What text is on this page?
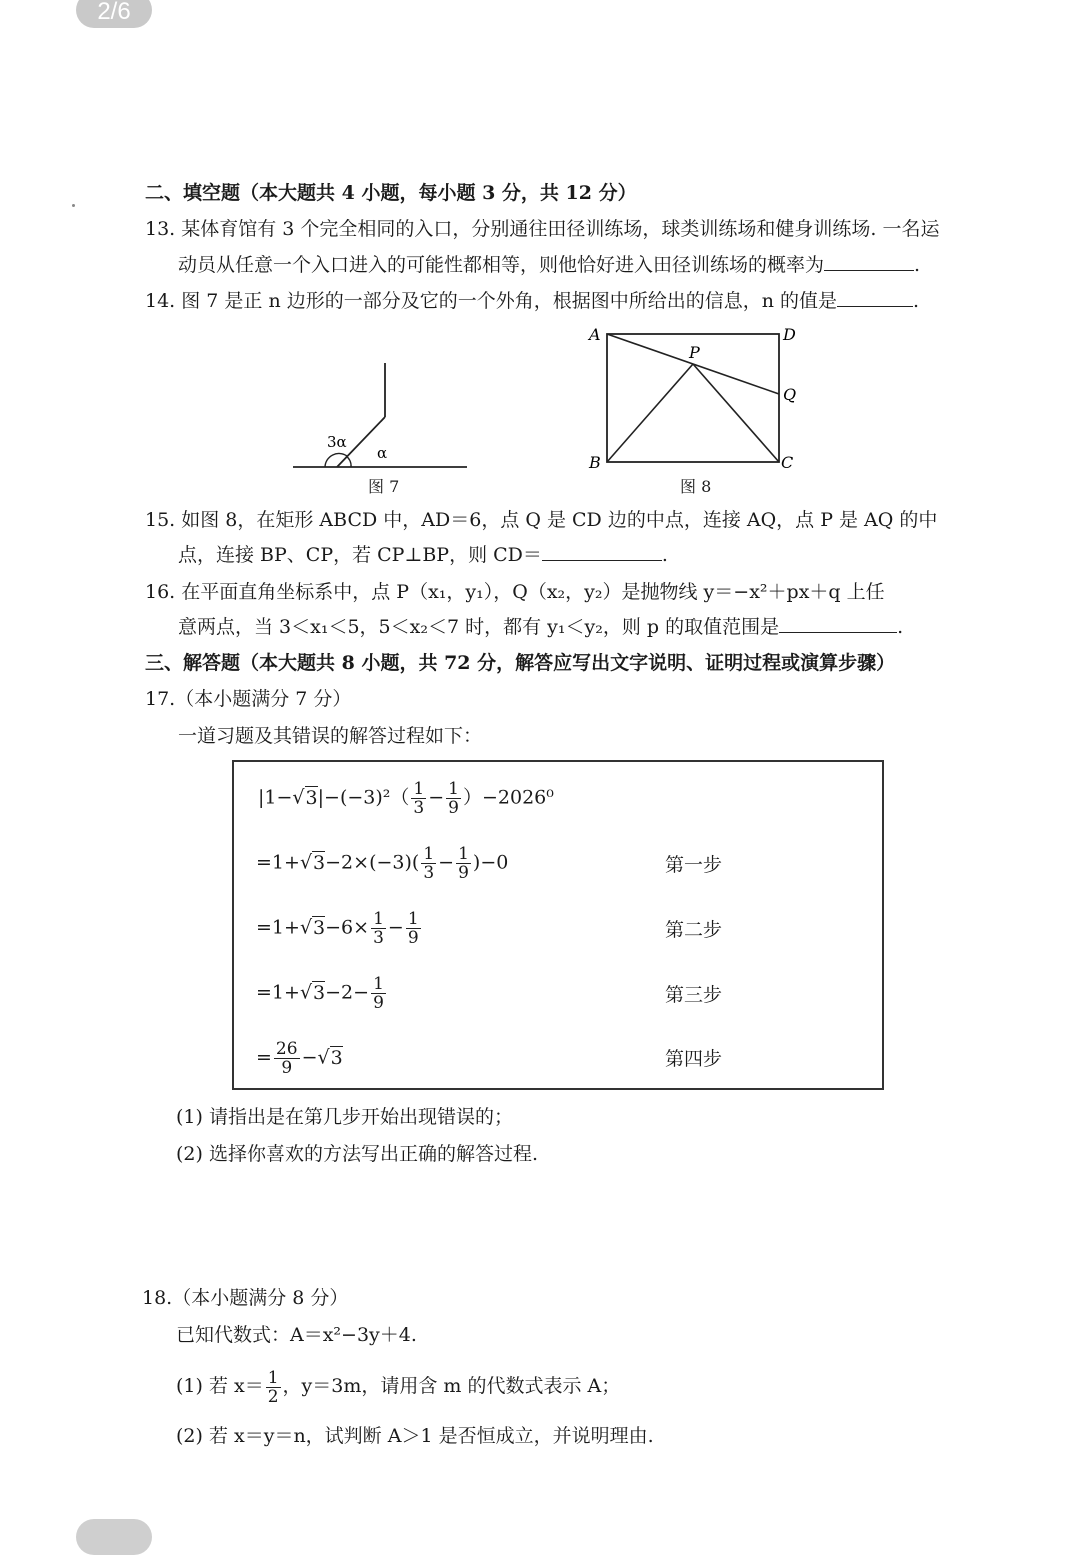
2/6
二、填空题（本大题共 4 小题，每小题 3 分，共 12 分）
13. 某体育馆有 3 个完全相同的入口，分别通往田径训练场，球类训练场和健身训练场. 一名运
动员从任意一个入口进入的可能性都相等，则他恰好进入田径训练场的概率为	.
14. 图 7 是正 n 边形的一部分及它的一个外角，根据图中所给出的信息，n 的值是	.
3α
α
图 7
A	D
P
Q
B	C
图 8
15. 如图 8，在矩形 ABCD 中，AD＝6，点 Q 是 CD 边的中点，连接 AQ，点 P 是 AQ 的中
点，连接 BP、CP，若 CP⊥BP，则 CD＝	.
16. 在平面直角坐标系中，点 P（x₁，y₁），Q（x₂，y₂）是抛物线 y＝−x²＋px＋q 上任
意两点，当 3＜x₁＜5，5＜x₂＜7 时，都有 y₁＜y₂，则 p 的取值范围是	.
三、解答题（本大题共 8 小题，共 72 分，解答应写出文字说明、证明过程或演算步骤）
17.（本小题满分 7 分）
一道习题及其错误的解答过程如下：
$|1-√3|-(-3)^2( \frac{1}{3} - \frac{1}{9} )-2026^0$
$=1+√3-2\times(-3)( \frac{1}{3} - \frac{1}{9} )-0$	第一步
$=1+√3-6\times \frac{1}{3} - \frac{1}{9}$	第二步
$=1+√3-2- \frac{1}{9}$	第三步
= $\frac{26}{9} -√3$	第四步
(1) 请指出是在第几步开始出现错误的；
(2) 选择你喜欢的方法写出正确的解答过程.
18.（本小题满分 8 分）
已知代数式：A＝x²−3y＋4.
(1) 若 $x= \frac{1}{2}$ ，y＝3m，请用含 m 的代数式表示 A；
(2) 若 x＝y＝n，试判断 A＞1 是否恒成立，并说明理由.
